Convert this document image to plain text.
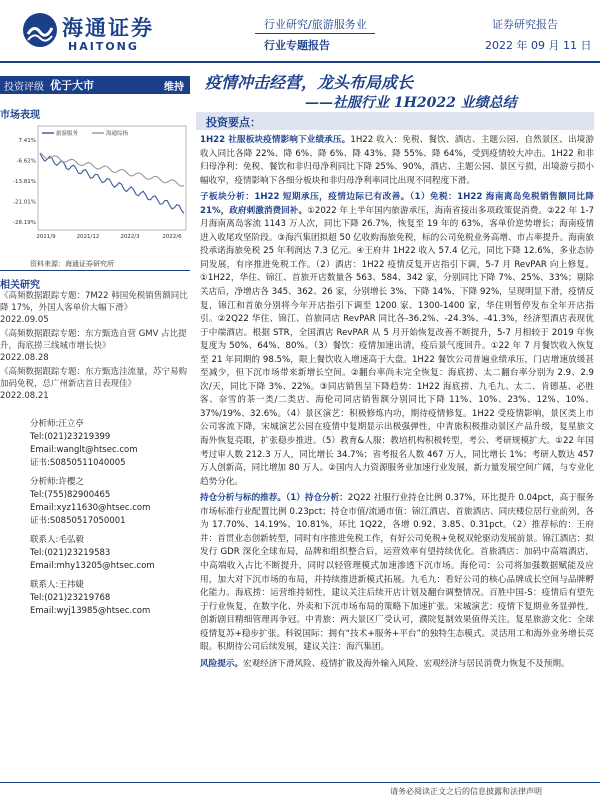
海通证券
HAITONG
行业研究/旅游服务业
行业专题报告
证券研究报告
2022 年 09 月 11 日
投资评级 优于大市	维持	疫情冲击经营，龙头布局成长
——社服行业 1H2022 业绩总结
市场表现
旅游服务	海通综指
7.41%
-6.62%
-13.81%
-21.01%
-28.19%
2021/9	2021/12	2022/3	2022/6
资料来源：海通证券研究所
相关研究
《高频数据跟踪专题：7M22 韩国免税销售额同比降 17%，外国人客单价大幅下滑》
2022.09.05
《高频数据跟踪专题：东方甄选自营 GMV 占比提升，海底捞三线城市增长快》
2022.08.28
《高频数据跟踪专题：东方甄选洼流量，苏宁易购加码免税，总广州新店首日表现佳》
2022.08.21
分析师:汪立亭
Tel:(021)23219399
Email:wanglt@htsec.com
证书:S0850511040005
分析师:许樱之
Tel:(755)82900465
Email:xyz11630@htsec.com
证书:S0850517050001
联系人:毛弘毅
Tel:(021)23219583
Email:mhy13205@htsec.com
联系人:王祎婕
Tel:(021)23219768
Email:wyj13985@htsec.com
投资要点：

1H22 社服板块疫情影响下业绩承压。1H22 收入：免税、餐饮、酒店、主题公园、自然景区、出境游收入同比各降 22%、降 6%、降 6%、降 43%、降 55%、降 64%，受到疫情较大冲击。1H22 和非归母净利：免税、餐饮和非归母净利同比下降 25%、90%，酒店、主题公园、景区亏损，出境游亏损小幅收窄，疫情影响下各细分板块和非归母净利率同比出现不同程度下滑。

子板块分析：1H22 短期承压，疫情边际已有改善。（1）免税：1H22 海南离岛免税销售额同比降 21%，政府刺激消费回补。①2022 年上半年国内旅游承压，海南省接出多项政策促消费。②22 年 1-7 月海南离岛客流 1143 万人次，同比下降 26.7%，恢复至 19 年的 63%，客单价逆势增长；海南疫情进入收尾攻坚阶段。③海汽集团拟超 50 亿收购海旅免税，标的公司免税业务高增、市占率提升。海南旅投承诺海旅免税 25 年利润达 7.3 亿元。④王府井 1H22 收入 57.4 亿元，同比下降 12.6%，多业态协同发展，有序推进免税工作。（2）酒店：1H22 疫情反复开店指引下调，5-7 月 RevPAR 向上修复。①1H22，华住、锦江、首旅开店数量各 563、584、342 家，分别同比下降 7%、25%、33%；剔除关店后，净增店各 345、362、26 家，分别增长 3%、下降 14%、下降 92%，呈现明显下滑，疫情反复，锦江和首旅分别将今年开店指引下调至 1200 家、1300-1400 家，华住则暂停发布全年开店指引。②2Q22 华住、锦江、首旅同店 RevPAR 同比各-36.2%、-24.3%、-41.3%，经济型酒店表现优于中端酒店。根据 STR，全国酒店 RevPAR 从 5 月开始恢复改善不断提升，5-7 月相较于 2019 年恢复度为 50%、64%、80%。（3）餐饮：疫情加速出清，疫后景气度回升。①22 年 7 月餐饮收入恢复至 21 年同期的 98.5%，限上餐饮收入增速高于大盘。1H22 餐饮公司普遍业绩承压，门店增速放缓甚至减少，但下沉市场带来新增长空间。②翻台率尚未完全恢复：海底捞、太二翻台率分别为 2.9、2.9 次/天，同比下降 3%、22%。③同店销售呈下降趋势：1H22 海底捞、九毛九、太二、肯德基、必胜客、奈雪的茶一类/二类店、海伦司同店销售额分别同比下降 11%、10%、23%、12%、10%、37%/19%、32.6%。（4）景区演艺：积极修炼内功，期待疫情修复。1H22 受疫情影响，景区类上市公司客流下降，宋城演艺公园在疫情中复期显示出极强弹性，中青旅积极推动景区产品升级，复星旅文海外恢复亮眼，扩张稳步推进。（5）教育&人服：教培机构积极转型，考公、考研规模扩大。①22 年国考过审人数 212.3 万人，同比增长 34.7%；省考报名人数 467 万人，同比增长 1%；考研人数达 457 万人创新高，同比增加 80 万人。②国内人力资源服务业加速行业发展，新力量发展空间广阔，与专业化趋势分化。

持仓分析与标的推荐。（1）持仓分析：2Q22 社服行业持仓比例 0.37%，环比提升 0.04pct，高于服务市场标准行业配置比例 0.23pct；持仓市值/流通市值：锦江酒店、首旅酒店、同庆楼位居行业前列，各为 17.70%、14.19%、10.81%，环比 1Q22，各增 0.92、3.85、0.31pct。（2）推荐标的：王府井：首贯业态创新转型，同时有序推进免税工作，有好公司免税+免税双轮驱动发展前景。锦江酒店：拟发行 GDR 深化全球布局，品牌和组织整合后，运营效率有望持续优化。首旅酒店：加码中高端酒店，中高端收入占比不断提升，同时以轻管理模式加速渗透下沉市场。海伦司：公司将加强数据赋能及应用，加大对下沉市场的布局，并持续推进新模式拓展。九毛九：看好公司的核心品牌成长空间与品牌孵化能力。海底捞：运营维持韧性，建议关注后续开店计划及翻台调整情况。百胜中国-S：疫情后有望先于行业恢复，在数字化、外卖和下沉市场布局的策略下加速扩张。宋城演艺：疫情下复期业务显弹性，创新剧目精细管理再争冠。中青旅：两大景区厂受认可，濮院复制效果值得关注。复星旅游文化：全球疫情复苏+稳步扩张。科锐国际：拥有“技术+服务+平台”的独特生态模式。灵活用工和海外业务增长亮眼。积期待公司后续发展，建议关注：海汽集团。

风险提示。宏观经济下滑风险、疫情扩散及海外输入风险、宏观经济与居民消费力恢复不及预期。

请务必阅读正文之后的信息披露和法律声明
